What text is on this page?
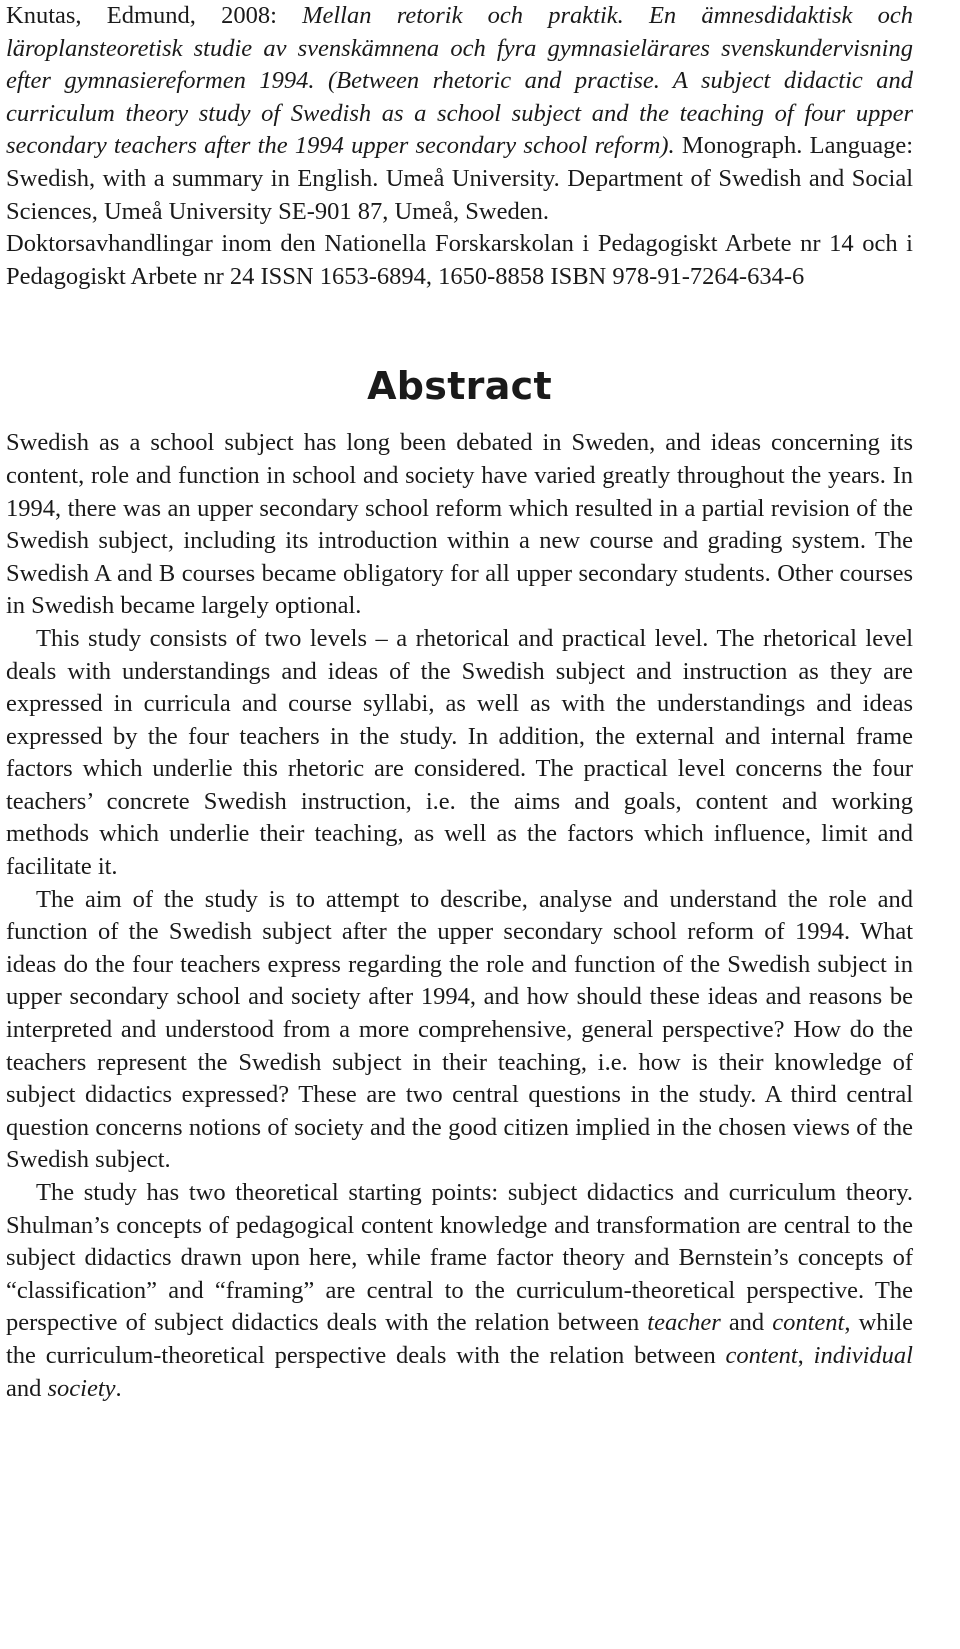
Knutas, Edmund, 2008: Mellan retorik och praktik. En ämnesdidaktisk och läroplansteoretisk studie av svenskämnena och fyra gymnasielärares svenskundervisning efter gymnasiereformen 1994. (Between rhetoric and practise. A subject didactic and curriculum theory study of Swedish as a school subject and the teaching of four upper secondary teachers after the 1994 upper secondary school reform). Monograph. Language: Swedish, with a summary in English. Umeå University. Department of Swedish and Social Sciences, Umeå University SE-901 87, Umeå, Sweden.

Doktorsavhandlingar inom den Nationella Forskarskolan i Pedagogiskt Arbete nr 14 och i Pedagogiskt Arbete nr 24 ISSN 1653-6894, 1650-8858 ISBN 978-91-7264-634-6

Abstract

Swedish as a school subject has long been debated in Sweden, and ideas concerning its content, role and function in school and society have varied greatly throughout the years. In 1994, there was an upper secondary school reform which resulted in a partial revision of the Swedish subject, including its introduction within a new course and grading system. The Swedish A and B courses became obligatory for all upper secondary students. Other courses in Swedish became largely optional.

This study consists of two levels – a rhetorical and practical level. The rhetorical level deals with understandings and ideas of the Swedish subject and instruction as they are expressed in curricula and course syllabi, as well as with the understandings and ideas expressed by the four teachers in the study. In addition, the external and internal frame factors which underlie this rhetoric are considered. The practical level concerns the four teachers’ concrete Swedish instruction, i.e. the aims and goals, content and working methods which underlie their teaching, as well as the factors which influence, limit and facilitate it.

The aim of the study is to attempt to describe, analyse and understand the role and function of the Swedish subject after the upper secondary school reform of 1994. What ideas do the four teachers express regarding the role and function of the Swedish subject in upper secondary school and society after 1994, and how should these ideas and reasons be interpreted and understood from a more comprehensive, general perspective? How do the teachers represent the Swedish subject in their teaching, i.e. how is their knowledge of subject didactics expressed? These are two central questions in the study. A third central question concerns notions of society and the good citizen implied in the chosen views of the Swedish subject.

The study has two theoretical starting points: subject didactics and curriculum theory. Shulman’s concepts of pedagogical content knowledge and transformation are central to the subject didactics drawn upon here, while frame factor theory and Bernstein’s concepts of “classification” and “framing” are central to the curriculum-theoretical perspective. The perspective of subject didactics deals with the relation between teacher and content, while the curriculum-theoretical perspective deals with the relation between content, individual and society.
